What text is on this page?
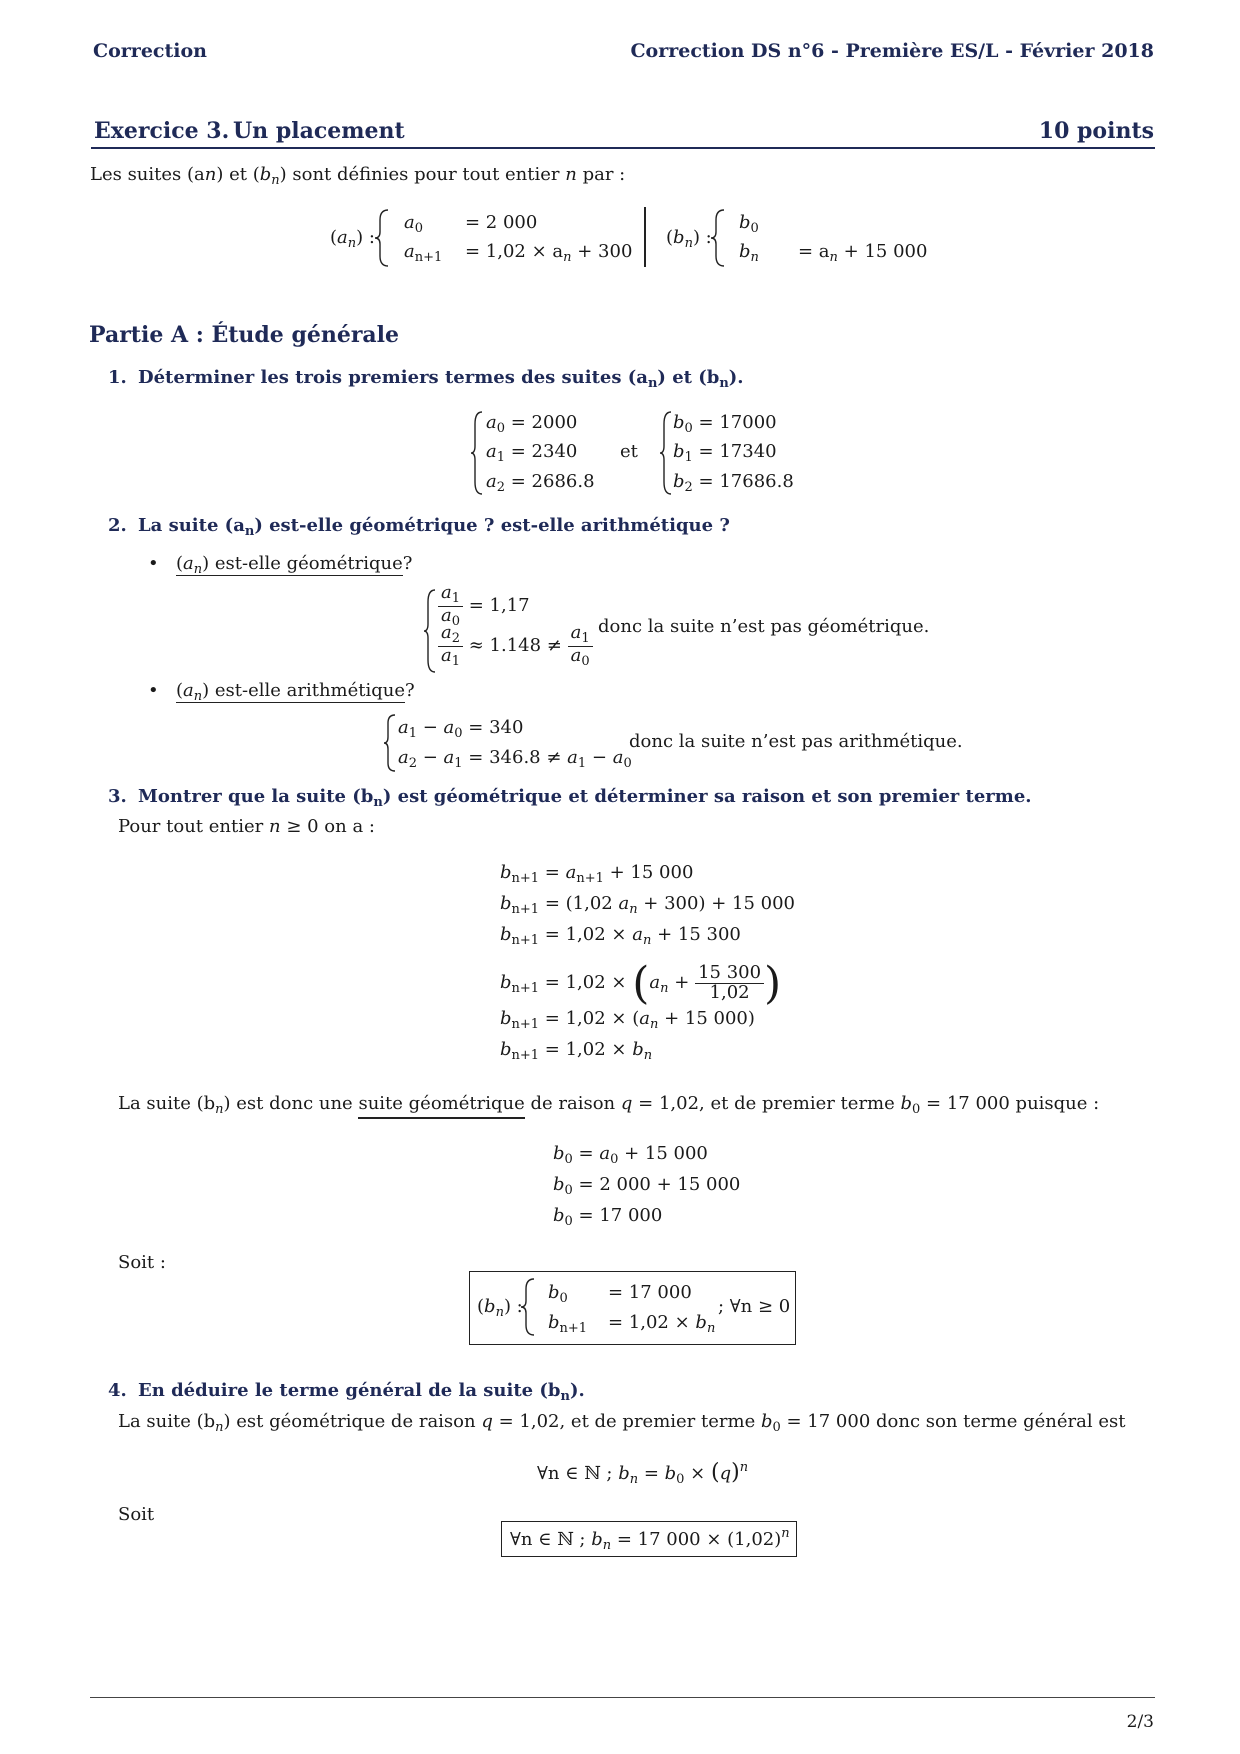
Correction	Correction DS n°6 - Première ES/L - Février 2018
Exercice 3. Un placement	10 points
Les suites (an) et $(b_n)$ sont définies pour tout entier n par :
$(a_n)$ :
$a_0 = 2$ 000
$a_{n+1} = 1,02 \times a_n + 300$
$(b_n)$ :
$b_0$
$b_n = a_n + 15$ 000
Partie A : Étude générale
1. Déterminer les trois premiers termes des suites $(a_n)$ et $(b_n)$.
$a_0 = 2000$
$a_1 = 2340$
$a_2 = 2686.8$
et
$b_0 = 17000$
$b_1 = 17340$
$b_2 = 17686.8$
2. La suite $(a_n)$ est-elle géométrique ? est-elle arithmétique ?
• $(a_n)$ est-elle géométrique?
$\frac{a_1}{a_0} = 1,17$
$\frac{a_2}{a_1} \approx 1.148 \ne \frac{a_1}{a_0}$ donc la suite n’est pas géométrique.
• $(a_n)$ est-elle arithmétique?
$a_1 - a_0 = 340$
$a_2 - a_1 = 346.8 \ne a_1 - a_0$
donc la suite n’est pas arithmétique.
3. Montrer que la suite $(b_n)$ est géométrique et déterminer sa raison et son premier terme.
Pour tout entier n ≥ 0 on a :
$b_{n+1} = a_{n+1} + 15$ 000
$b_{n+1} = (1,02$ $a_n + 300) + 15$ 000
$b_{n+1} = 1,02 \times a_n + 15$ 300
$b_{n+1} = 1,02 \times (a_n + \frac{15 300}{1,02}$ )
$b_{n+1} = 1,02 \times (a_n + 15$ 000)
$b_{n+1} = 1,02 \times b_n$
La suite $(b_n)$ est donc une suite géométrique de raison q = 1,02, et de premier terme $b_0 = 17$ 000 puisque :
$b_0 = a_0 + 15$ 000
$b_0 = 2$ 000 + 15 000
$b_0 = 17$ 000
Soit :
$(b_n)$ :
$b_0 = 17$ 000
$b_{n+1} = 1,02 \times b_n$
; ∀n ≥ 0
4. En déduire le terme général de la suite $(b_n)$.
La suite $(b_n)$ est géométrique de raison q = 1,02, et de premier terme $b_0 = 17$ 000 donc son terme général est
∀n ∈ ℕ ; $b_n = b_0 \times (q)^n$
Soit
∀n ∈ ℕ ; $b_n = 17$ $000 \times (1,02)^n$
2/3
